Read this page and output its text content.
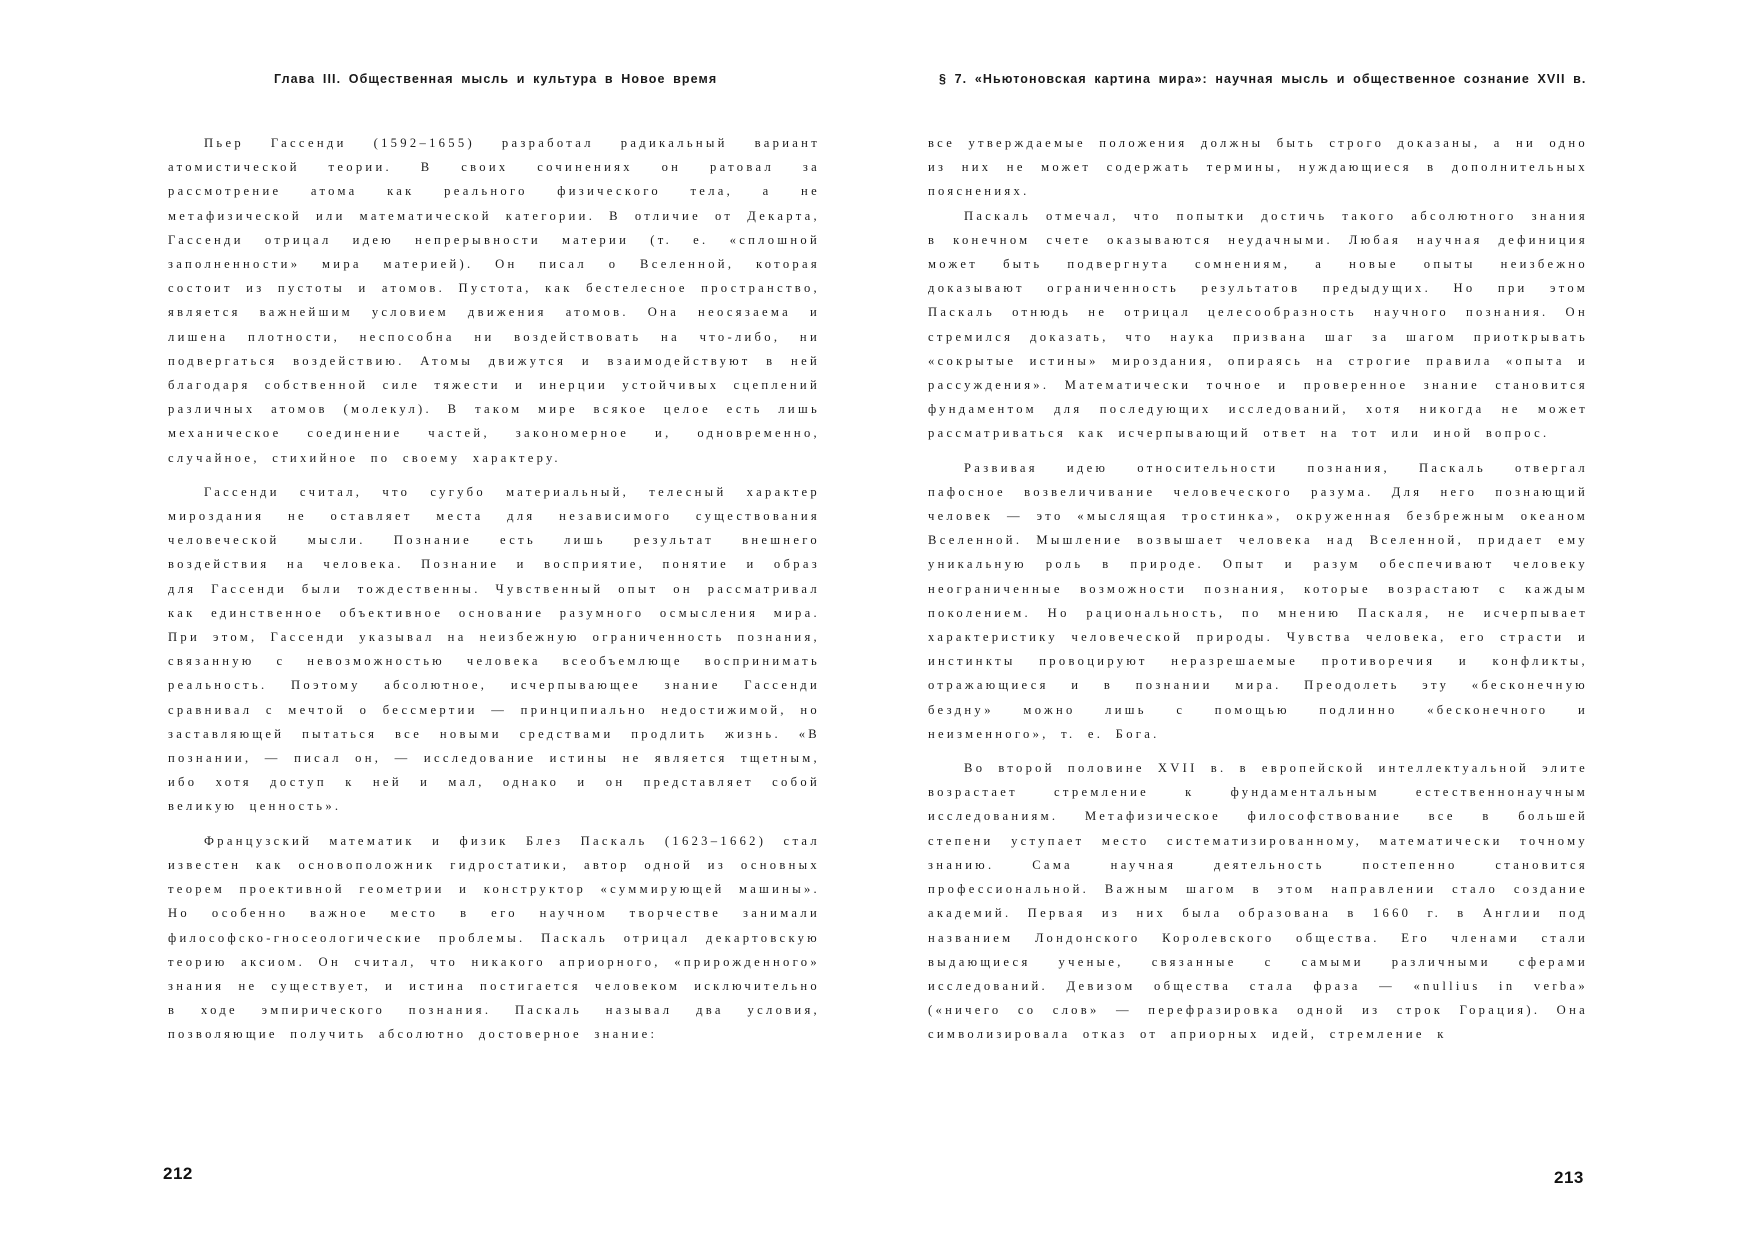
Глава III. Общественная мысль и культура в Новое время

Пьер Гассенди (1592–1655) разработал радикальный вариант атомистической теории. В своих сочинениях он ратовал за рассмотрение атома как реального физического тела, а не метафизической или математической категории. В отличие от Декарта, Гассенди отрицал идею непрерывности материи (т. е. «сплошной заполненности» мира материей). Он писал о Вселенной, которая состоит из пустоты и атомов. Пустота, как бестелесное пространство, является важнейшим условием движения атомов. Она неосязаема и лишена плотности, неспособна ни воздействовать на что-либо, ни подвергаться воздействию. Атомы движутся и взаимодействуют в ней благодаря собственной силе тяжести и инерции устойчивых сцеплений различных атомов (молекул). В таком мире всякое целое есть лишь механическое соединение частей, закономерное и, одновременно, случайное, стихийное по своему характеру.

Гассенди считал, что сугубо материальный, телесный характер мироздания не оставляет места для независимого существования человеческой мысли. Познание есть лишь результат внешнего воздействия на человека. Познание и восприятие, понятие и образ для Гассенди были тождественны. Чувственный опыт он рассматривал как единственное объективное основание разумного осмысления мира. При этом, Гассенди указывал на неизбежную ограниченность познания, связанную с невозможностью человека всеобъемлюще воспринимать реальность. Поэтому абсолютное, исчерпывающее знание Гассенди сравнивал с мечтой о бессмертии — принципиально недостижимой, но заставляющей пытаться все новыми средствами продлить жизнь. «В познании, — писал он, — исследование истины не является тщетным, ибо хотя доступ к ней и мал, однако и он представляет собой великую ценность».

Французский математик и физик Блез Паскаль (1623–1662) стал известен как основоположник гидростатики, автор одной из основных теорем проективной геометрии и конструктор «суммирующей машины». Но особенно важное место в его научном творчестве занимали философско-гносеологические проблемы. Паскаль отрицал декартовскую теорию аксиом. Он считал, что никакого априорного, «прирожденного» знания не существует, и истина постигается человеком исключительно в ходе эмпирического познания. Паскаль называл два условия, позволяющие получить абсолютно достоверное знание:

212
§ 7. «Ньютоновская картина мира»: научная мысль и общественное сознание XVII в.

все утверждаемые положения должны быть строго доказаны, а ни одно из них не может содержать термины, нуждающиеся в дополнительных пояснениях.

Паскаль отмечал, что попытки достичь такого абсолютного знания в конечном счете оказываются неудачными. Любая научная дефиниция может быть подвергнута сомнениям, а новые опыты неизбежно доказывают ограниченность результатов предыдущих. Но при этом Паскаль отнюдь не отрицал целесообразность научного познания. Он стремился доказать, что наука призвана шаг за шагом приоткрывать «сокрытые истины» мироздания, опираясь на строгие правила «опыта и рассуждения». Математически точное и проверенное знание становится фундаментом для последующих исследований, хотя никогда не может рассматриваться как исчерпывающий ответ на тот или иной вопрос.

Развивая идею относительности познания, Паскаль отвергал пафосное возвеличивание человеческого разума. Для него познающий человек — это «мыслящая тростинка», окруженная безбрежным океаном Вселенной. Мышление возвышает человека над Вселенной, придает ему уникальную роль в природе. Опыт и разум обеспечивают человеку неограниченные возможности познания, которые возрастают с каждым поколением. Но рациональность, по мнению Паскаля, не исчерпывает характеристику человеческой природы. Чувства человека, его страсти и инстинкты провоцируют неразрешаемые противоречия и конфликты, отражающиеся и в познании мира. Преодолеть эту «бесконечную бездну» можно лишь с помощью подлинно «бесконечного и неизменного», т. е. Бога.

Во второй половине XVII в. в европейской интеллектуальной элите возрастает стремление к фундаментальным естественнонаучным исследованиям. Метафизическое философствование все в большей степени уступает место систематизированному, математически точному знанию. Сама научная деятельность постепенно становится профессиональной. Важным шагом в этом направлении стало создание академий. Первая из них была образована в 1660 г. в Англии под названием Лондонского Королевского общества. Его членами стали выдающиеся ученые, связанные с самыми различными сферами исследований. Девизом общества стала фраза — «nullius in verba» («ничего со слов» — перефразировка одной из строк Горация). Она символизировала отказ от априорных идей, стремление к

213
